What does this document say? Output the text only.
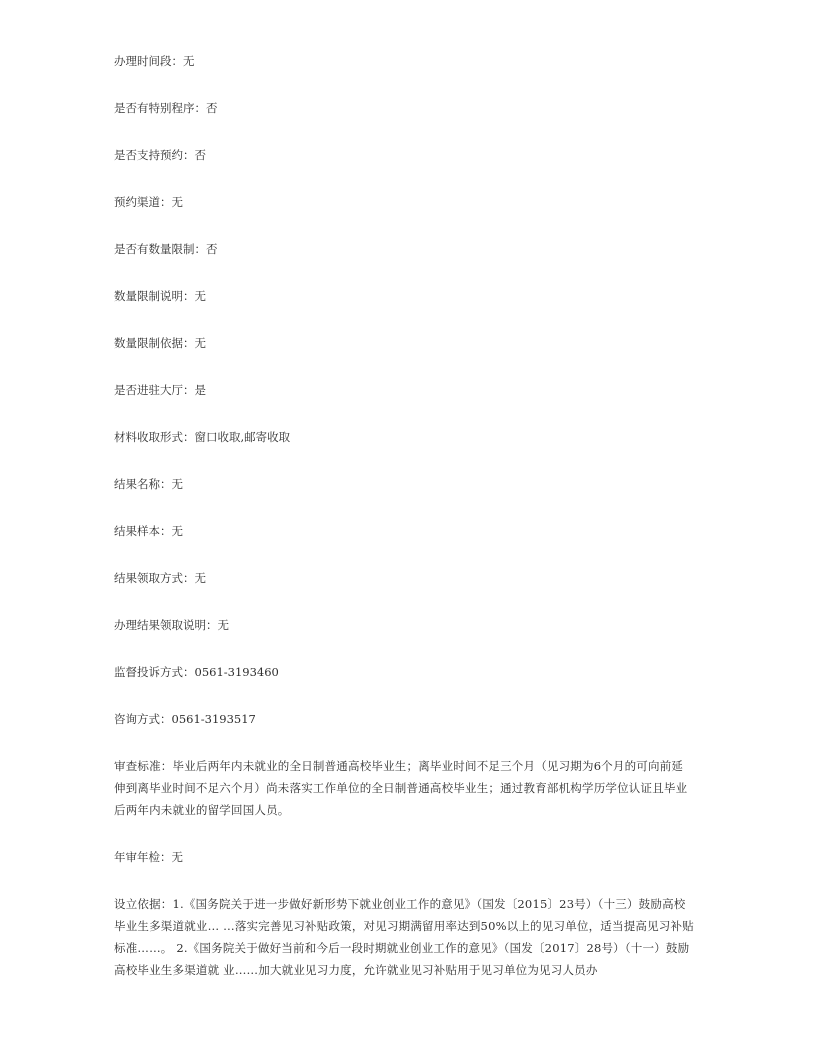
办理时间段：无
是否有特别程序：否
是否支持预约：否
预约渠道：无
是否有数量限制：否
数量限制说明：无
数量限制依据：无
是否进驻大厅：是
材料收取形式：窗口收取,邮寄收取
结果名称：无
结果样本：无
结果领取方式：无
办理结果领取说明：无
监督投诉方式：0561-3193460
咨询方式：0561-3193517
审查标准：毕业后两年内未就业的全日制普通高校毕业生；离毕业时间不足三个月（见习期为6个月的可向前延伸到离毕业时间不足六个月）尚未落实工作单位的全日制普通高校毕业生；通过教育部机构学历学位认证且毕业后两年内未就业的留学回国人员。
年审年检：无
设立依据：1.《国务院关于进一步做好新形势下就业创业工作的意见》（国发〔2015〕23号）（十三）鼓励高校毕业生多渠道就业… …落实完善见习补贴政策，对见习期满留用率达到50%以上的见习单位，适当提高见习补贴标准……。 2.《国务院关于做好当前和今后一段时期就业创业工作的意见》（国发〔2017〕28号）（十一）鼓励高校毕业生多渠道就 业……加大就业见习力度，允许就业见习补贴用于见习单位为见习人员办
